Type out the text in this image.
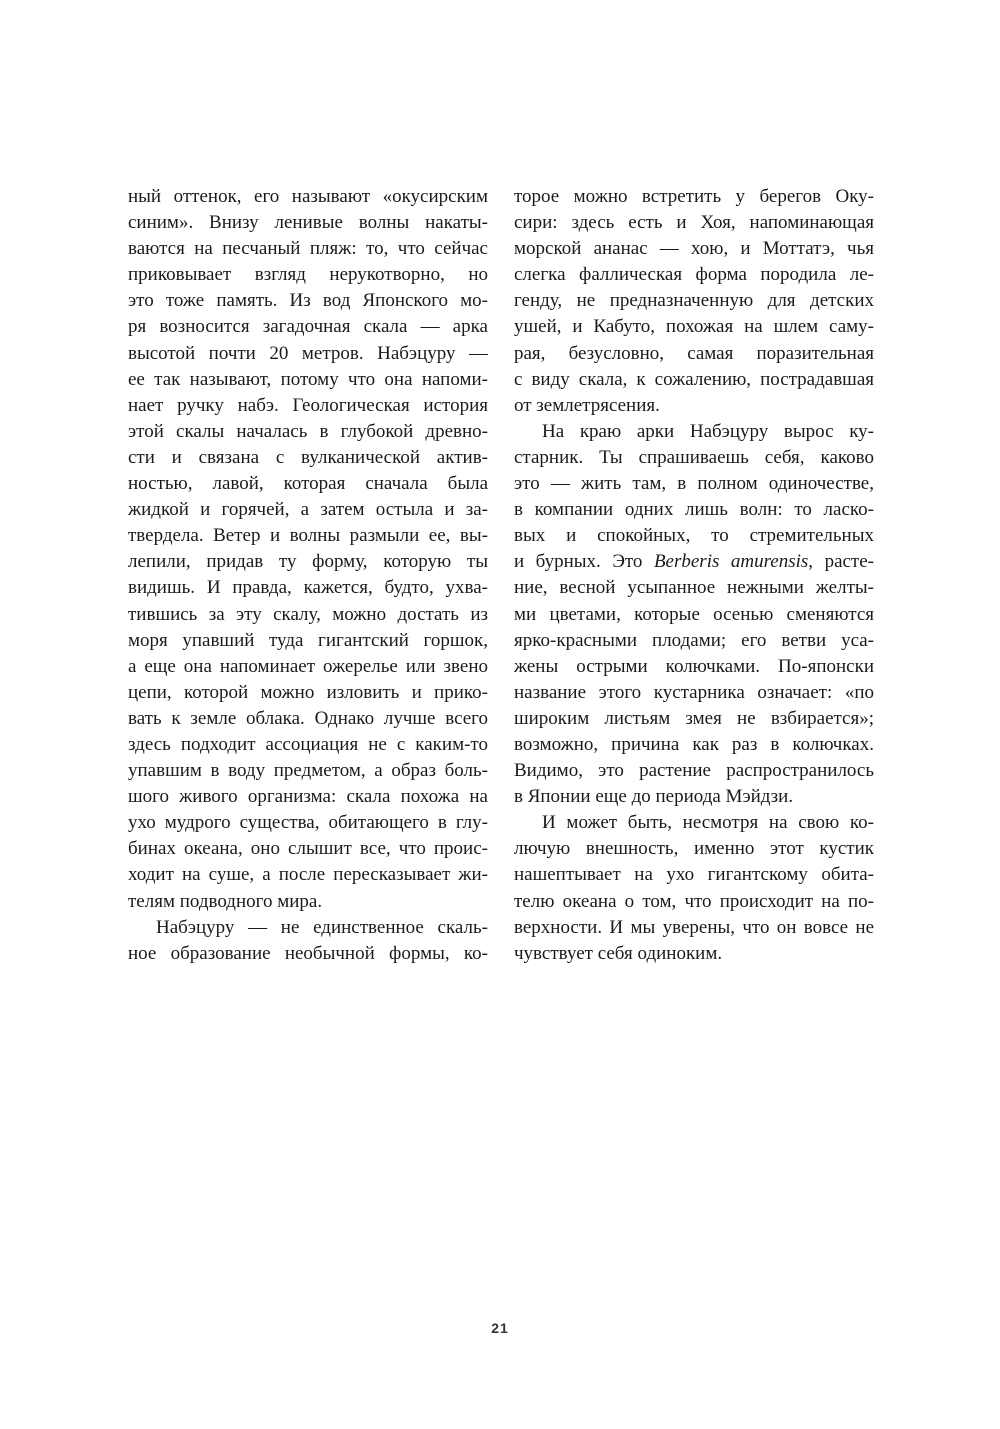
ный оттенок, его называют «окусирским
синим». Внизу ленивые волны накаты-
ваются на песчаный пляж: то, что сейчас
приковывает взгляд нерукотворно, но
это тоже память. Из вод Японского мо-
ря возносится загадочная скала — арка
высотой почти 20 метров. Набэцуру —
ее так называют, потому что она напоми-
нает ручку набэ. Геологическая история
этой скалы началась в глубокой древно-
сти и связана с вулканической актив-
ностью, лавой, которая сначала была
жидкой и горячей, а затем остыла и за-
твердела. Ветер и волны размыли ее, вы-
лепили, придав ту форму, которую ты
видишь. И правда, кажется, будто, ухва-
тившись за эту скалу, можно достать из
моря упавший туда гигантский горшок,
а еще она напоминает ожерелье или звено
цепи, которой можно изловить и прико-
вать к земле облака. Однако лучше всего
здесь подходит ассоциация не с каким-то
упавшим в воду предметом, а образ боль-
шого живого организма: скала похожа на
ухо мудрого существа, обитающего в глу-
бинах океана, оно слышит все, что проис-
ходит на суше, а после пересказывает жи-
телям подводного мира.
Набэцуру — не единственное скаль-
ное образование необычной формы, ко-
торое можно встретить у берегов Оку-
сири: здесь есть и Хоя, напоминающая
морской ананас — хою, и Моттатэ, чья
слегка фаллическая форма породила ле-
генду, не предназначенную для детских
ушей, и Кабуто, похожая на шлем саму-
рая, безусловно, самая поразительная
с виду скала, к сожалению, пострадавшая
от землетрясения.
На краю арки Набэцуру вырос ку-
старник. Ты спрашиваешь себя, каково
это — жить там, в полном одиночестве,
в компании одних лишь волн: то ласко-
вых и спокойных, то стремительных
и бурных. Это Berberis amurensis, расте-
ние, весной усыпанное нежными желты-
ми цветами, которые осенью сменяются
ярко-красными плодами; его ветви уса-
жены острыми колючками. По-японски
название этого кустарника означает: «по
широким листьям змея не взбирается»;
возможно, причина как раз в колючках.
Видимо, это растение распространилось
в Японии еще до периода Мэйдзи.
И может быть, несмотря на свою ко-
лючую внешность, именно этот кустик
нашептывает на ухо гигантскому обита-
телю океана о том, что происходит на по-
верхности. И мы уверены, что он вовсе не
чувствует себя одиноким.
21
